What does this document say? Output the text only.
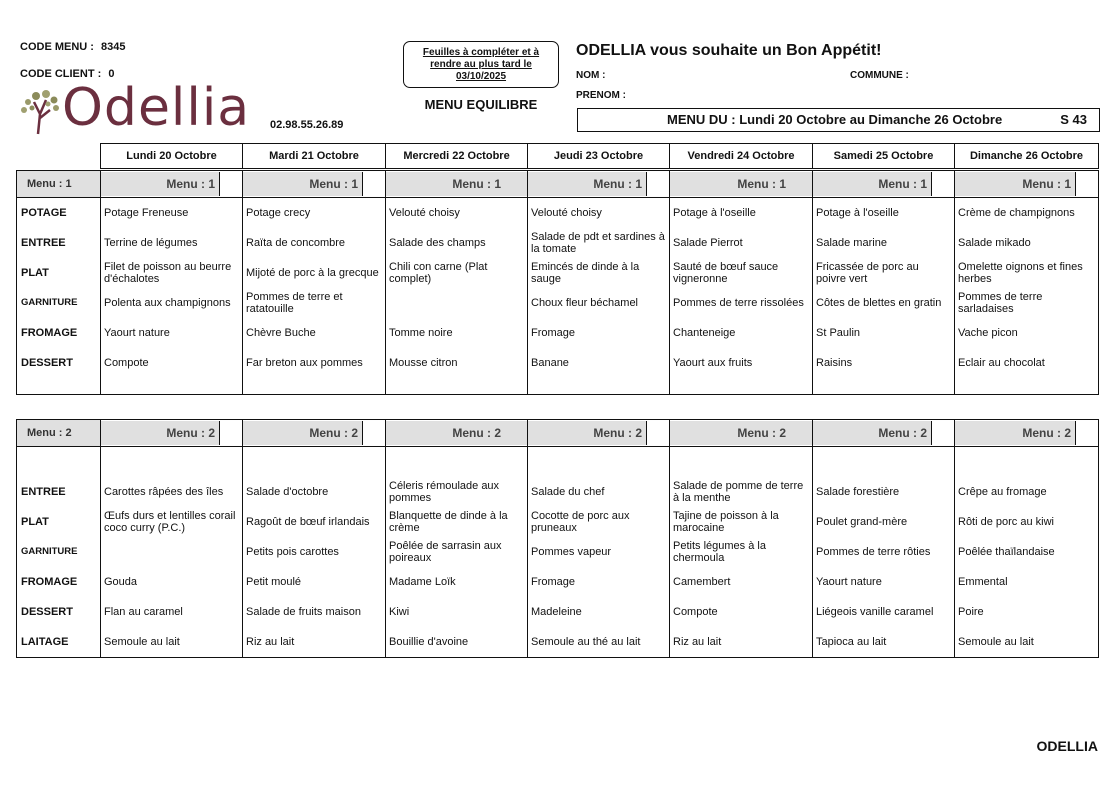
CODE MENU : 8345
CODE CLIENT : 0
Odellia 02.98.55.26.89
Feuilles à compléter et à
rendre au plus tard le
03/10/2025
MENU EQUILIBRE
ODELLIA vous souhaite un Bon Appétit!
NOM :	COMMUNE :
PRENOM :
MENU DU : Lundi 20 Octobre au Dimanche 26 Octobre	S 43
Lundi 20 Octobre	Mardi 21 Octobre	Mercredi 22 Octobre	Jeudi 23 Octobre	Vendredi 24 Octobre	Samedi 25 Octobre	Dimanche 26 Octobre
Menu : 1	Menu : 1	Menu : 1	Menu : 1	Menu : 1	Menu : 1	Menu : 1	Menu : 1

POTAGE	Potage Freneuse	Potage crecy	Velouté choisy	Velouté choisy	Potage à l'oseille	Potage à l'oseille	Crème de champignons
ENTREE	Terrine de légumes	Raïta de concombre	Salade des champs	Salade de pdt et sardines à la tomate	Salade Pierrot	Salade marine	Salade mikado
PLAT	Filet de poisson au beurre d'échalotes	Mijoté de porc à la grecque	Chili con carne (Plat complet)	Emincés de dinde à la sauge	Sauté de bœuf sauce vigneronne	Fricassée de porc au poivre vert	Omelette oignons et fines herbes
GARNITURE	Polenta aux champignons	Pommes de terre et ratatouille		Choux fleur béchamel	Pommes de terre rissolées	Côtes de blettes en gratin	Pommes de terre sarladaises
FROMAGE	Yaourt nature	Chèvre Buche	Tomme noire	Fromage	Chanteneige	St Paulin	Vache picon
DESSERT	Compote	Far breton aux pommes	Mousse citron	Banane	Yaourt aux fruits	Raisins	Eclair au chocolat

Menu : 2	Menu : 2	Menu : 2	Menu : 2	Menu : 2	Menu : 2	Menu : 2	Menu : 2

ENTREE	Carottes râpées des îles	Salade d'octobre	Céleris rémoulade aux pommes	Salade du chef	Salade de pomme de terre à la menthe	Salade forestière	Crêpe au fromage
PLAT	Œufs durs et lentilles corail coco curry (P.C.)	Ragoût de bœuf irlandais	Blanquette de dinde à la crème	Cocotte de porc aux pruneaux	Tajine de poisson à la marocaine	Poulet grand-mère	Rôti de porc au kiwi
GARNITURE		Petits pois carottes	Poêlée de sarrasin aux poireaux	Pommes vapeur	Petits légumes à la chermoula	Pommes de terre rôties	Poêlée thaïlandaise
FROMAGE	Gouda	Petit moulé	Madame Loïk	Fromage	Camembert	Yaourt nature	Emmental
DESSERT	Flan au caramel	Salade de fruits maison	Kiwi	Madeleine	Compote	Liégeois vanille caramel	Poire
LAITAGE	Semoule au lait	Riz au lait	Bouillie d'avoine	Semoule au thé au lait	Riz au lait	Tapioca au lait	Semoule au lait
ODELLIA
